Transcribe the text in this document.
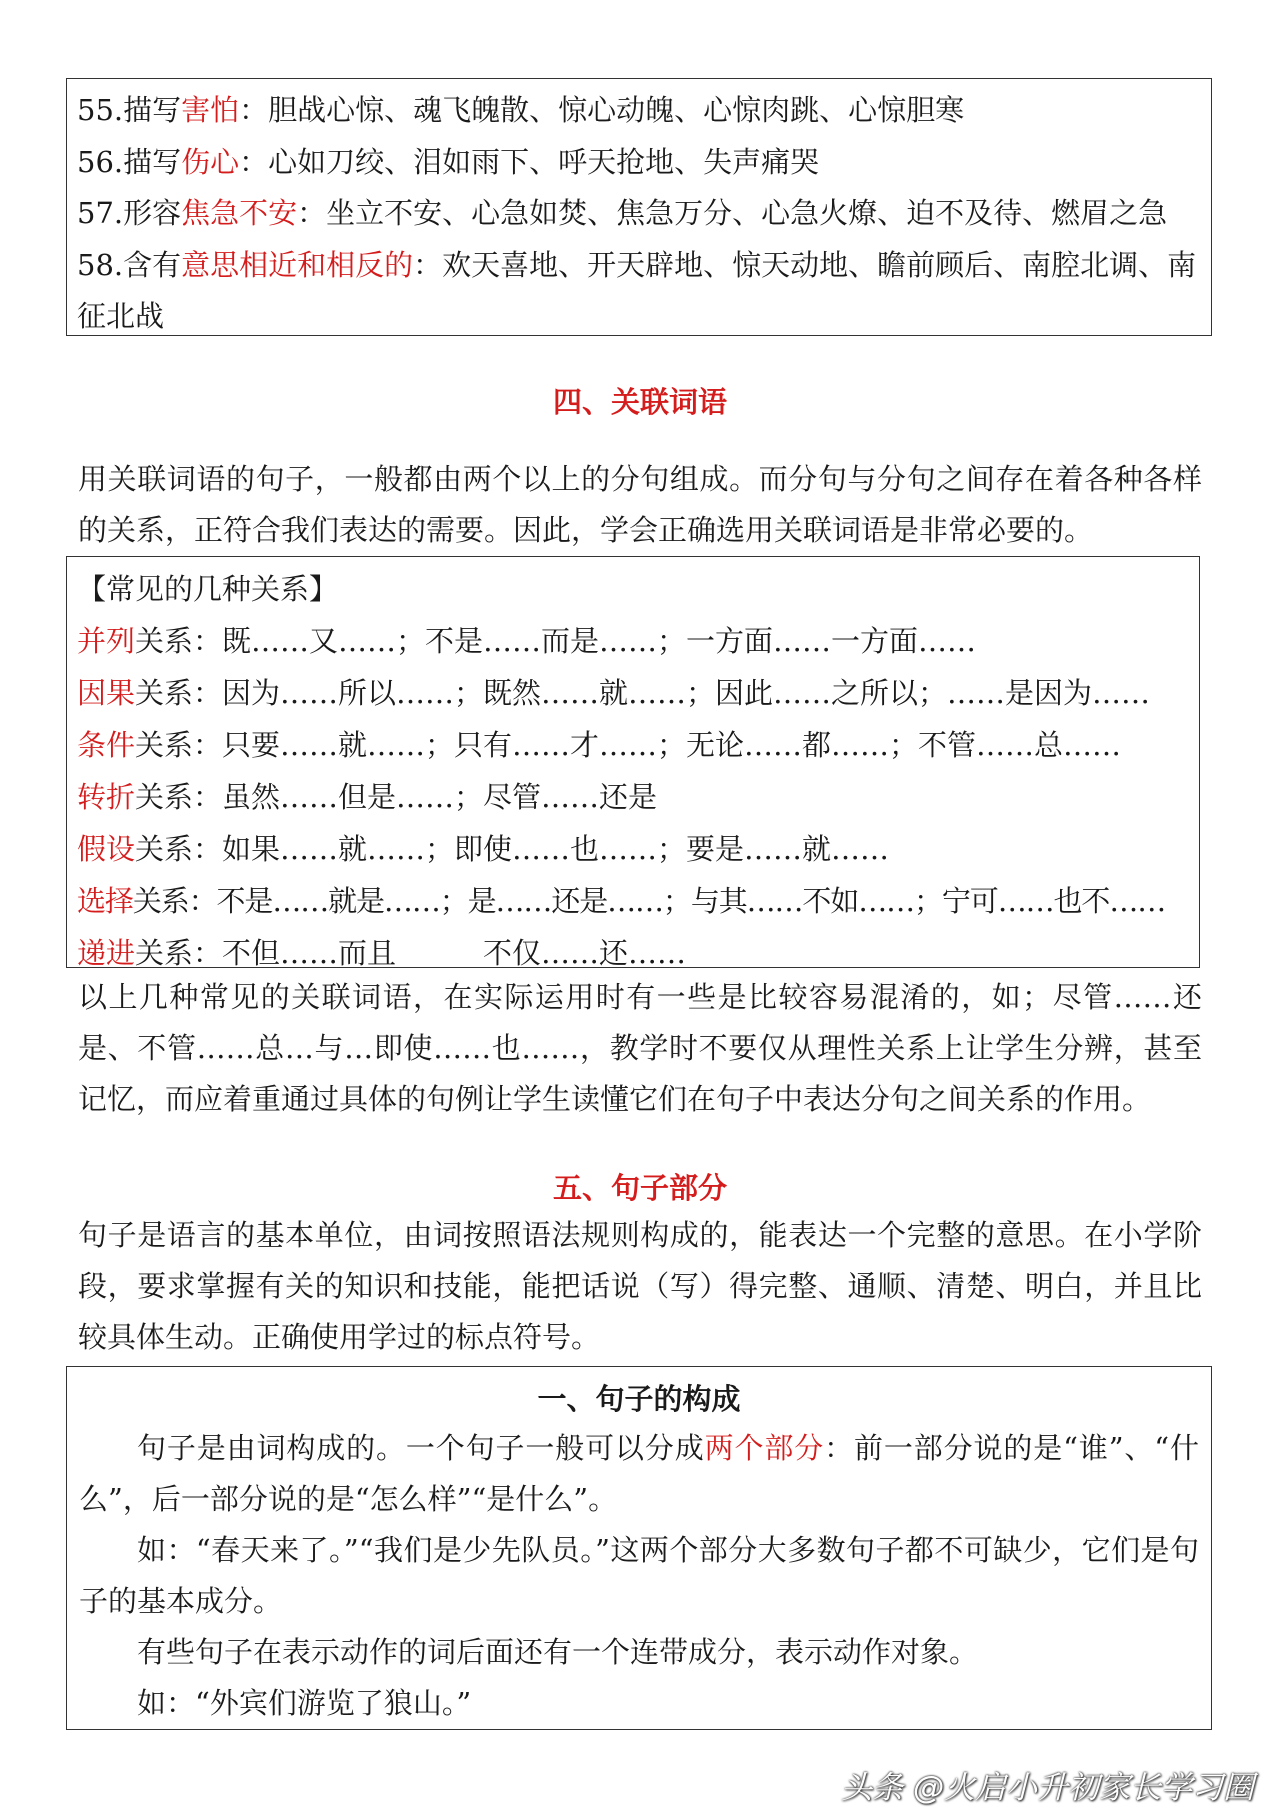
55.描写害怕：胆战心惊、魂飞魄散、惊心动魄、心惊肉跳、心惊胆寒
56.描写伤心：心如刀绞、泪如雨下、呼天抢地、失声痛哭
57.形容焦急不安：坐立不安、心急如焚、焦急万分、心急火燎、迫不及待、燃眉之急
58.含有意思相近和相反的：欢天喜地、开天辟地、惊天动地、瞻前顾后、南腔北调、南征北战
四、关联词语
用关联词语的句子，一般都由两个以上的分句组成。而分句与分句之间存在着各种各样的关系，正符合我们表达的需要。因此，学会正确选用关联词语是非常必要的。
【常见的几种关系】
并列关系：既……又……；不是……而是……；一方面……一方面……
因果关系：因为……所以……；既然……就……；因此……之所以；……是因为……
条件关系：只要……就……；只有……才……；无论……都……；不管……总……
转折关系：虽然……但是……；尽管……还是
假设关系：如果……就……；即使……也……；要是……就……
选择关系：不是……就是……；是……还是……；与其……不如……；宁可……也不……
递进关系：不但……而且　　　不仅……还……
以上几种常见的关联词语，在实际运用时有一些是比较容易混淆的，如；尽管……还是、不管……总…与…即使……也……，教学时不要仅从理性关系上让学生分辨，甚至记忆，而应着重通过具体的句例让学生读懂它们在句子中表达分句之间关系的作用。
五、句子部分
句子是语言的基本单位，由词按照语法规则构成的，能表达一个完整的意思。在小学阶段，要求掌握有关的知识和技能，能把话说（写）得完整、通顺、清楚、明白，并且比较具体生动。正确使用学过的标点符号。
一、句子的构成
句子是由词构成的。一个句子一般可以分成两个部分：前一部分说的是“谁”、“什么”，后一部分说的是“怎么样”“是什么”。
如：“春天来了。”“我们是少先队员。”这两个部分大多数句子都不可缺少，它们是句子的基本成分。
有些句子在表示动作的词后面还有一个连带成分，表示动作对象。
如：“外宾们游览了狼山。”
头条 @火启小升初家长学习圈
